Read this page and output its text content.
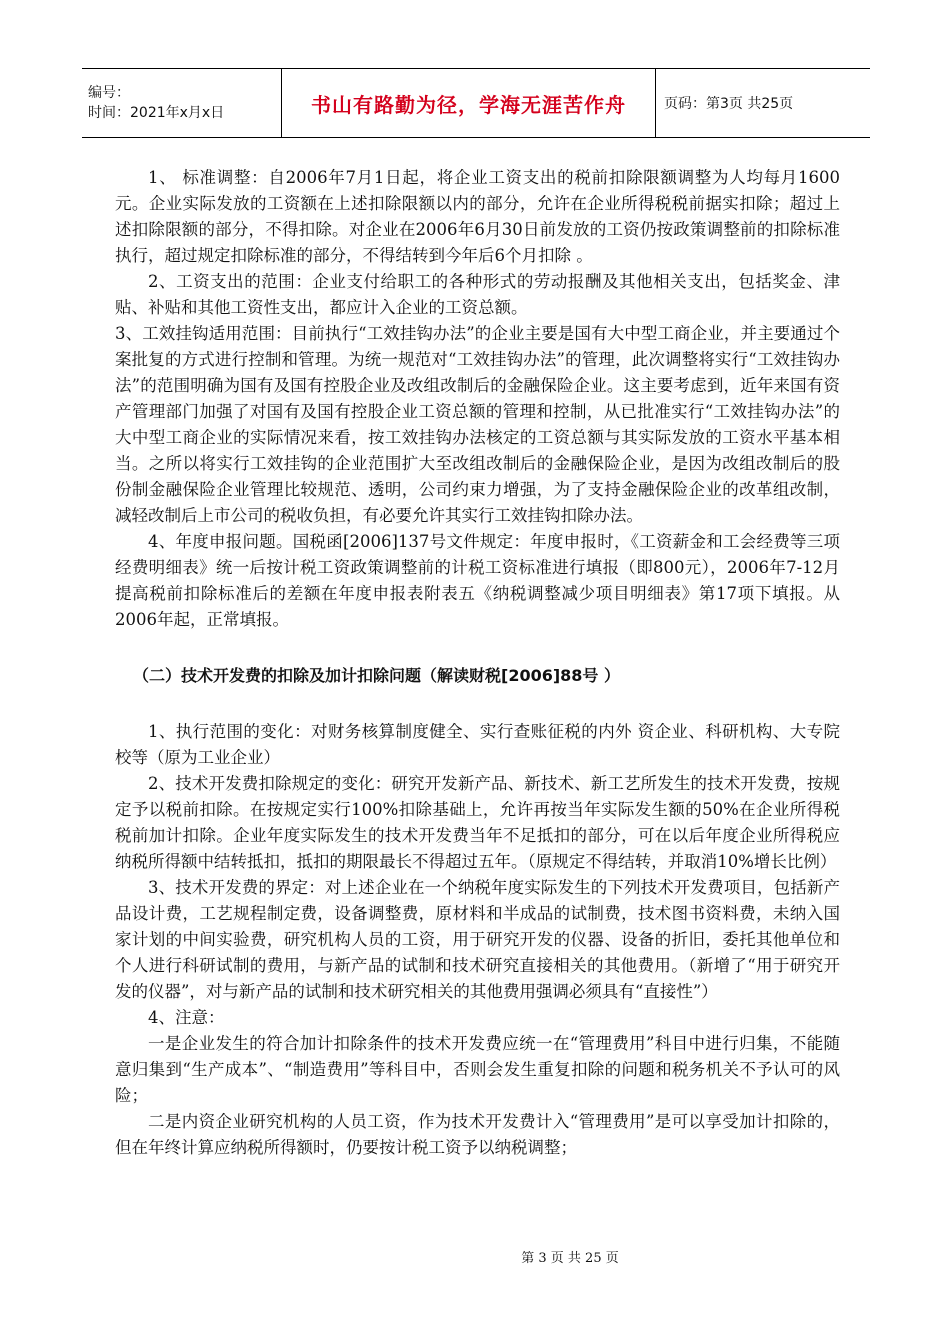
编号：
时间：2021年x月x日	书山有路勤为径，学海无涯苦作舟	页码：第3页 共25页

1、 标准调整：自2006年7月1日起，将企业工资支出的税前扣除限额调整为人均每月1600元。企业实际发放的工资额在上述扣除限额以内的部分，允许在企业所得税税前据实扣除；超过上述扣除限额的部分，不得扣除。对企业在2006年6月30日前发放的工资仍按政策调整前的扣除标准执行，超过规定扣除标准的部分，不得结转到今年后6个月扣除 。

2、工资支出的范围：企业支付给职工的各种形式的劳动报酬及其他相关支出，包括奖金、津贴、补贴和其他工资性支出，都应计入企业的工资总额。

3、工效挂钩适用范围：目前执行“工效挂钩办法”的企业主要是国有大中型工商企业，并主要通过个案批复的方式进行控制和管理。为统一规范对“工效挂钩办法”的管理，此次调整将实行“工效挂钩办法”的范围明确为国有及国有控股企业及改组改制后的金融保险企业。这主要考虑到，近年来国有资产管理部门加强了对国有及国有控股企业工资总额的管理和控制，从已批准实行“工效挂钩办法”的大中型工商企业的实际情况来看，按工效挂钩办法核定的工资总额与其实际发放的工资水平基本相当。之所以将实行工效挂钩的企业范围扩大至改组改制后的金融保险企业，是因为改组改制后的股份制金融保险企业管理比较规范、透明，公司约束力增强，为了支持金融保险企业的改革组改制，减轻改制后上市公司的税收负担，有必要允许其实行工效挂钩扣除办法。

4、年度申报问题。国税函[2006]137号文件规定：年度申报时，《工资薪金和工会经费等三项经费明细表》统一后按计税工资政策调整前的计税工资标准进行填报（即800元），2006年7-12月提高税前扣除标准后的差额在年度申报表附表五《纳税调整减少项目明细表》第17项下填报。从2006年起，正常填报。

（二）技术开发费的扣除及加计扣除问题（解读财税[2006]88号 ）

1、执行范围的变化：对财务核算制度健全、实行查账征税的内外 资企业、科研机构、大专院校等（原为工业企业）

2、技术开发费扣除规定的变化：研究开发新产品、新技术、新工艺所发生的技术开发费，按规定予以税前扣除。在按规定实行100%扣除基础上，允许再按当年实际发生额的50%在企业所得税税前加计扣除。企业年度实际发生的技术开发费当年不足抵扣的部分，可在以后年度企业所得税应纳税所得额中结转抵扣，抵扣的期限最长不得超过五年。（原规定不得结转，并取消10%增长比例）

3、技术开发费的界定：对上述企业在一个纳税年度实际发生的下列技术开发费项目，包括新产品设计费，工艺规程制定费，设备调整费，原材料和半成品的试制费，技术图书资料费，未纳入国家计划的中间实验费，研究机构人员的工资，用于研究开发的仪器、设备的折旧，委托其他单位和个人进行科研试制的费用，与新产品的试制和技术研究直接相关的其他费用。（新增了“用于研究开发的仪器”，对与新产品的试制和技术研究相关的其他费用强调必须具有“直接性”）

4、注意：

一是企业发生的符合加计扣除条件的技术开发费应统一在“管理费用”科目中进行归集，不能随意归集到“生产成本”、“制造费用”等科目中，否则会发生重复扣除的问题和税务机关不予认可的风险；

二是内资企业研究机构的人员工资，作为技术开发费计入“管理费用”是可以享受加计扣除的，但在年终计算应纳税所得额时，仍要按计税工资予以纳税调整；

第 3 页 共 25 页
